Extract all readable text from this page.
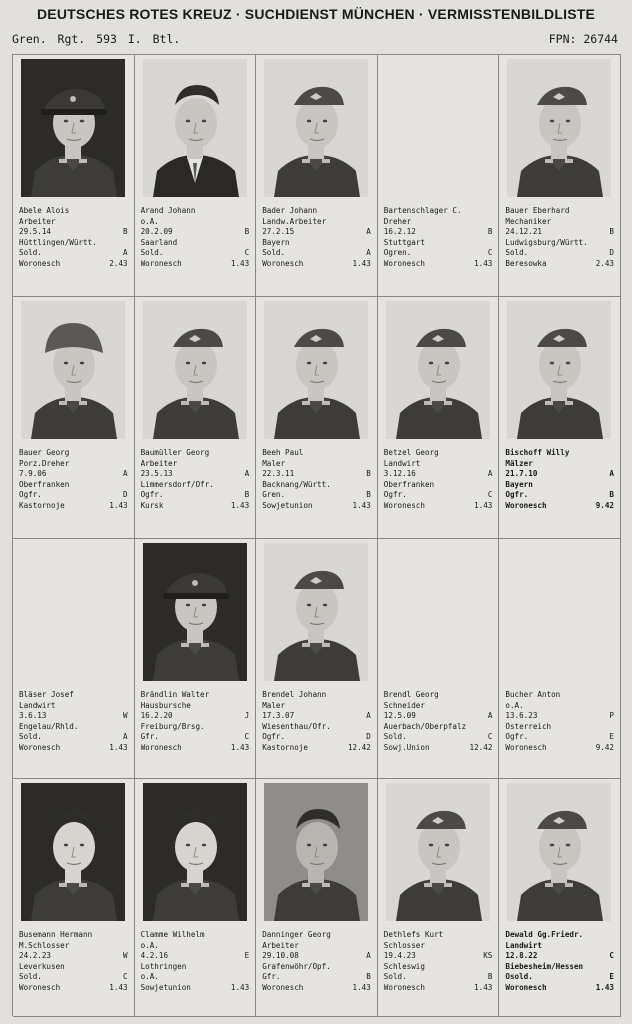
DEUTSCHES ROTES KREUZ · SUCHDIENST MÜNCHEN · VERMISSTENBILDLISTE
Gren. Rgt. 593 I. Btl.	FPN: 26744
Abele Alois
Arbeiter
29.5.14	B
Hüttlingen/Württ.
Sold.	A
Woronesch	2.43
Arand Johann
o.A.
20.2.09	B
Saarland
Sold.	C
Woronesch	1.43
Bader Johann
Landw.Arbeiter
27.2.15	A
Bayern
Sold.	A
Woronesch	1.43
Bartenschlager C.
Dreher
16.2.12	B
Stuttgart
Ogren.	C
Woronesch	1.43
Bauer Eberhard
Mechaniker
24.12.21	B
Ludwigsburg/Württ.
Sold.	D
Beresowka	2.43
Bauer Georg
Porz.Dreher
7.9.06	A
Oberfranken
Ogfr.	D
Kastornoje	1.43
Baumüller Georg
Arbeiter
23.5.13	A
Limmersdorf/Ofr.
Ogfr.	B
Kursk	1.43
Beeh Paul
Maler
22.3.11	B
Backnang/Württ.
Gren.	B
Sowjetunion	1.43
Betzel Georg
Landwirt
3.12.16	A
Oberfranken
Ogfr.	C
Woronesch	1.43
Bischoff Willy
Mälzer
21.7.10	A
Bayern
Ogfr.	B
Woronesch	9.42
Bläser Josef
Landwirt
3.6.13	W
Engelau/Rhld.
Sold.	A
Woronesch	1.43
Brändlin Walter
Hausbursche
16.2.20	J
Freiburg/Brsg.
Gfr.	C
Woronesch	1.43
Brendel Johann
Maler
17.3.07	A
Wiesenthau/Ofr.
Ogfr.	D
Kastornoje	12.42
Brendl Georg
Schneider
12.5.09	A
Auerbach/Oberpfalz
Sold.	C
Sowj.Union	12.42
Bucher Anton
o.A.
13.6.23	P
Österreich
Ogfr.	E
Woronesch	9.42
Busemann Hermann
M.Schlosser
24.2.23	W
Leverkusen
Sold.	C
Woronesch	1.43
Clamme Wilhelm
o.A.
4.2.16	E
Lothringen
o.A.
Sowjetunion	1.43
Danninger Georg
Arbeiter
29.10.08	A
Grafenwöhr/Opf.
Gfr.	B
Woronesch	1.43
Dethlefs Kurt
Schlosser
19.4.23	KS
Schleswig
Sold.	B
Woronesch	1.43
Dewald Gg.Friedr.
Landwirt
12.8.22	C
Biebesheim/Hessen
Osold.	E
Woronesch	1.43
